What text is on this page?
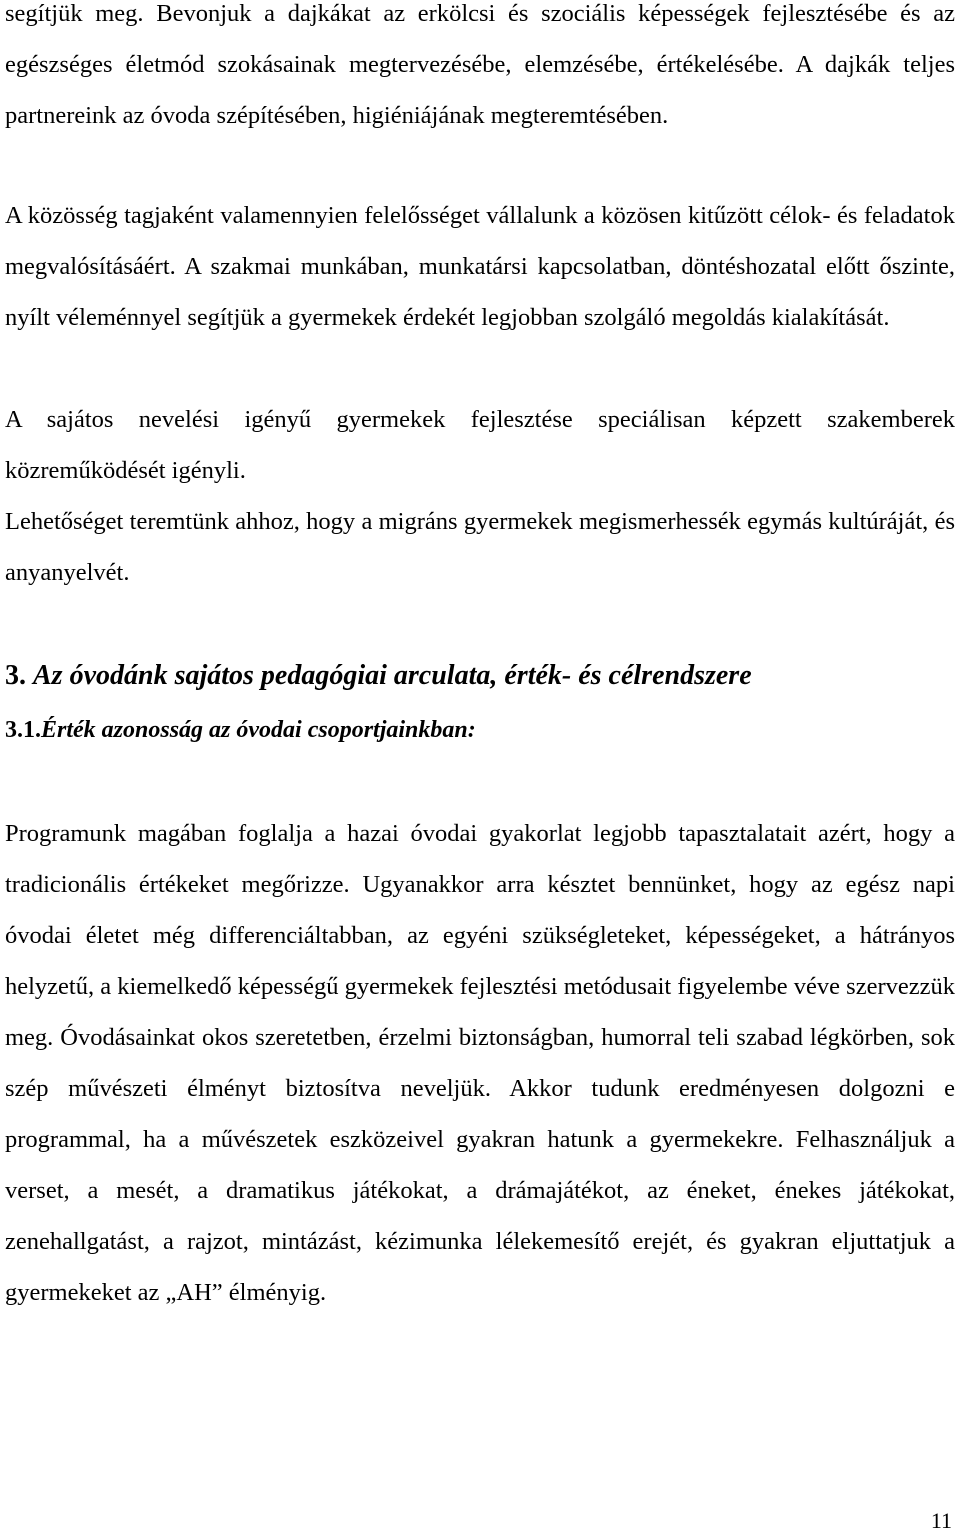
segítjük meg. Bevonjuk a dajkákat az erkölcsi és szociális képességek fejlesztésébe és az egészséges életmód szokásainak megtervezésébe, elemzésébe, értékelésébe. A dajkák teljes partnereink az óvoda szépítésében, higiéniájának megteremtésében.

A közösség tagjaként valamennyien felelősséget vállalunk a közösen kitűzött célok- és feladatok megvalósításáért. A szakmai munkában, munkatársi kapcsolatban, döntéshozatal előtt őszinte, nyílt véleménnyel segítjük a gyermekek érdekét legjobban szolgáló megoldás kialakítását.

A sajátos nevelési igényű gyermekek fejlesztése speciálisan képzett szakemberek közreműködését igényli.

Lehetőséget teremtünk ahhoz, hogy a migráns gyermekek megismerhessék egymás kultúráját, és anyanyelvét.

3. Az óvodánk sajátos pedagógiai arculata, érték- és célrendszere
3.1.Érték azonosság az óvodai csoportjainkban:

Programunk magában foglalja a hazai óvodai gyakorlat legjobb tapasztalatait azért, hogy a tradicionális értékeket megőrizze. Ugyanakkor arra késztet bennünket, hogy az egész napi óvodai életet még differenciáltabban, az egyéni szükségleteket, képességeket, a hátrányos helyzetű, a kiemelkedő képességű gyermekek fejlesztési metódusait figyelembe véve szervezzük meg. Óvodásainkat okos szeretetben, érzelmi biztonságban, humorral teli szabad légkörben, sok szép művészeti élményt biztosítva neveljük. Akkor tudunk eredményesen dolgozni e programmal, ha a művészetek eszközeivel gyakran hatunk a gyermekekre. Felhasználjuk a verset, a mesét, a dramatikus játékokat, a drámajátékot, az éneket, énekes játékokat, zenehallgatást, a rajzot, mintázást, kézimunka lélekemesítő erejét, és gyakran eljuttatjuk a gyermekeket az „AH” élményig.

11
